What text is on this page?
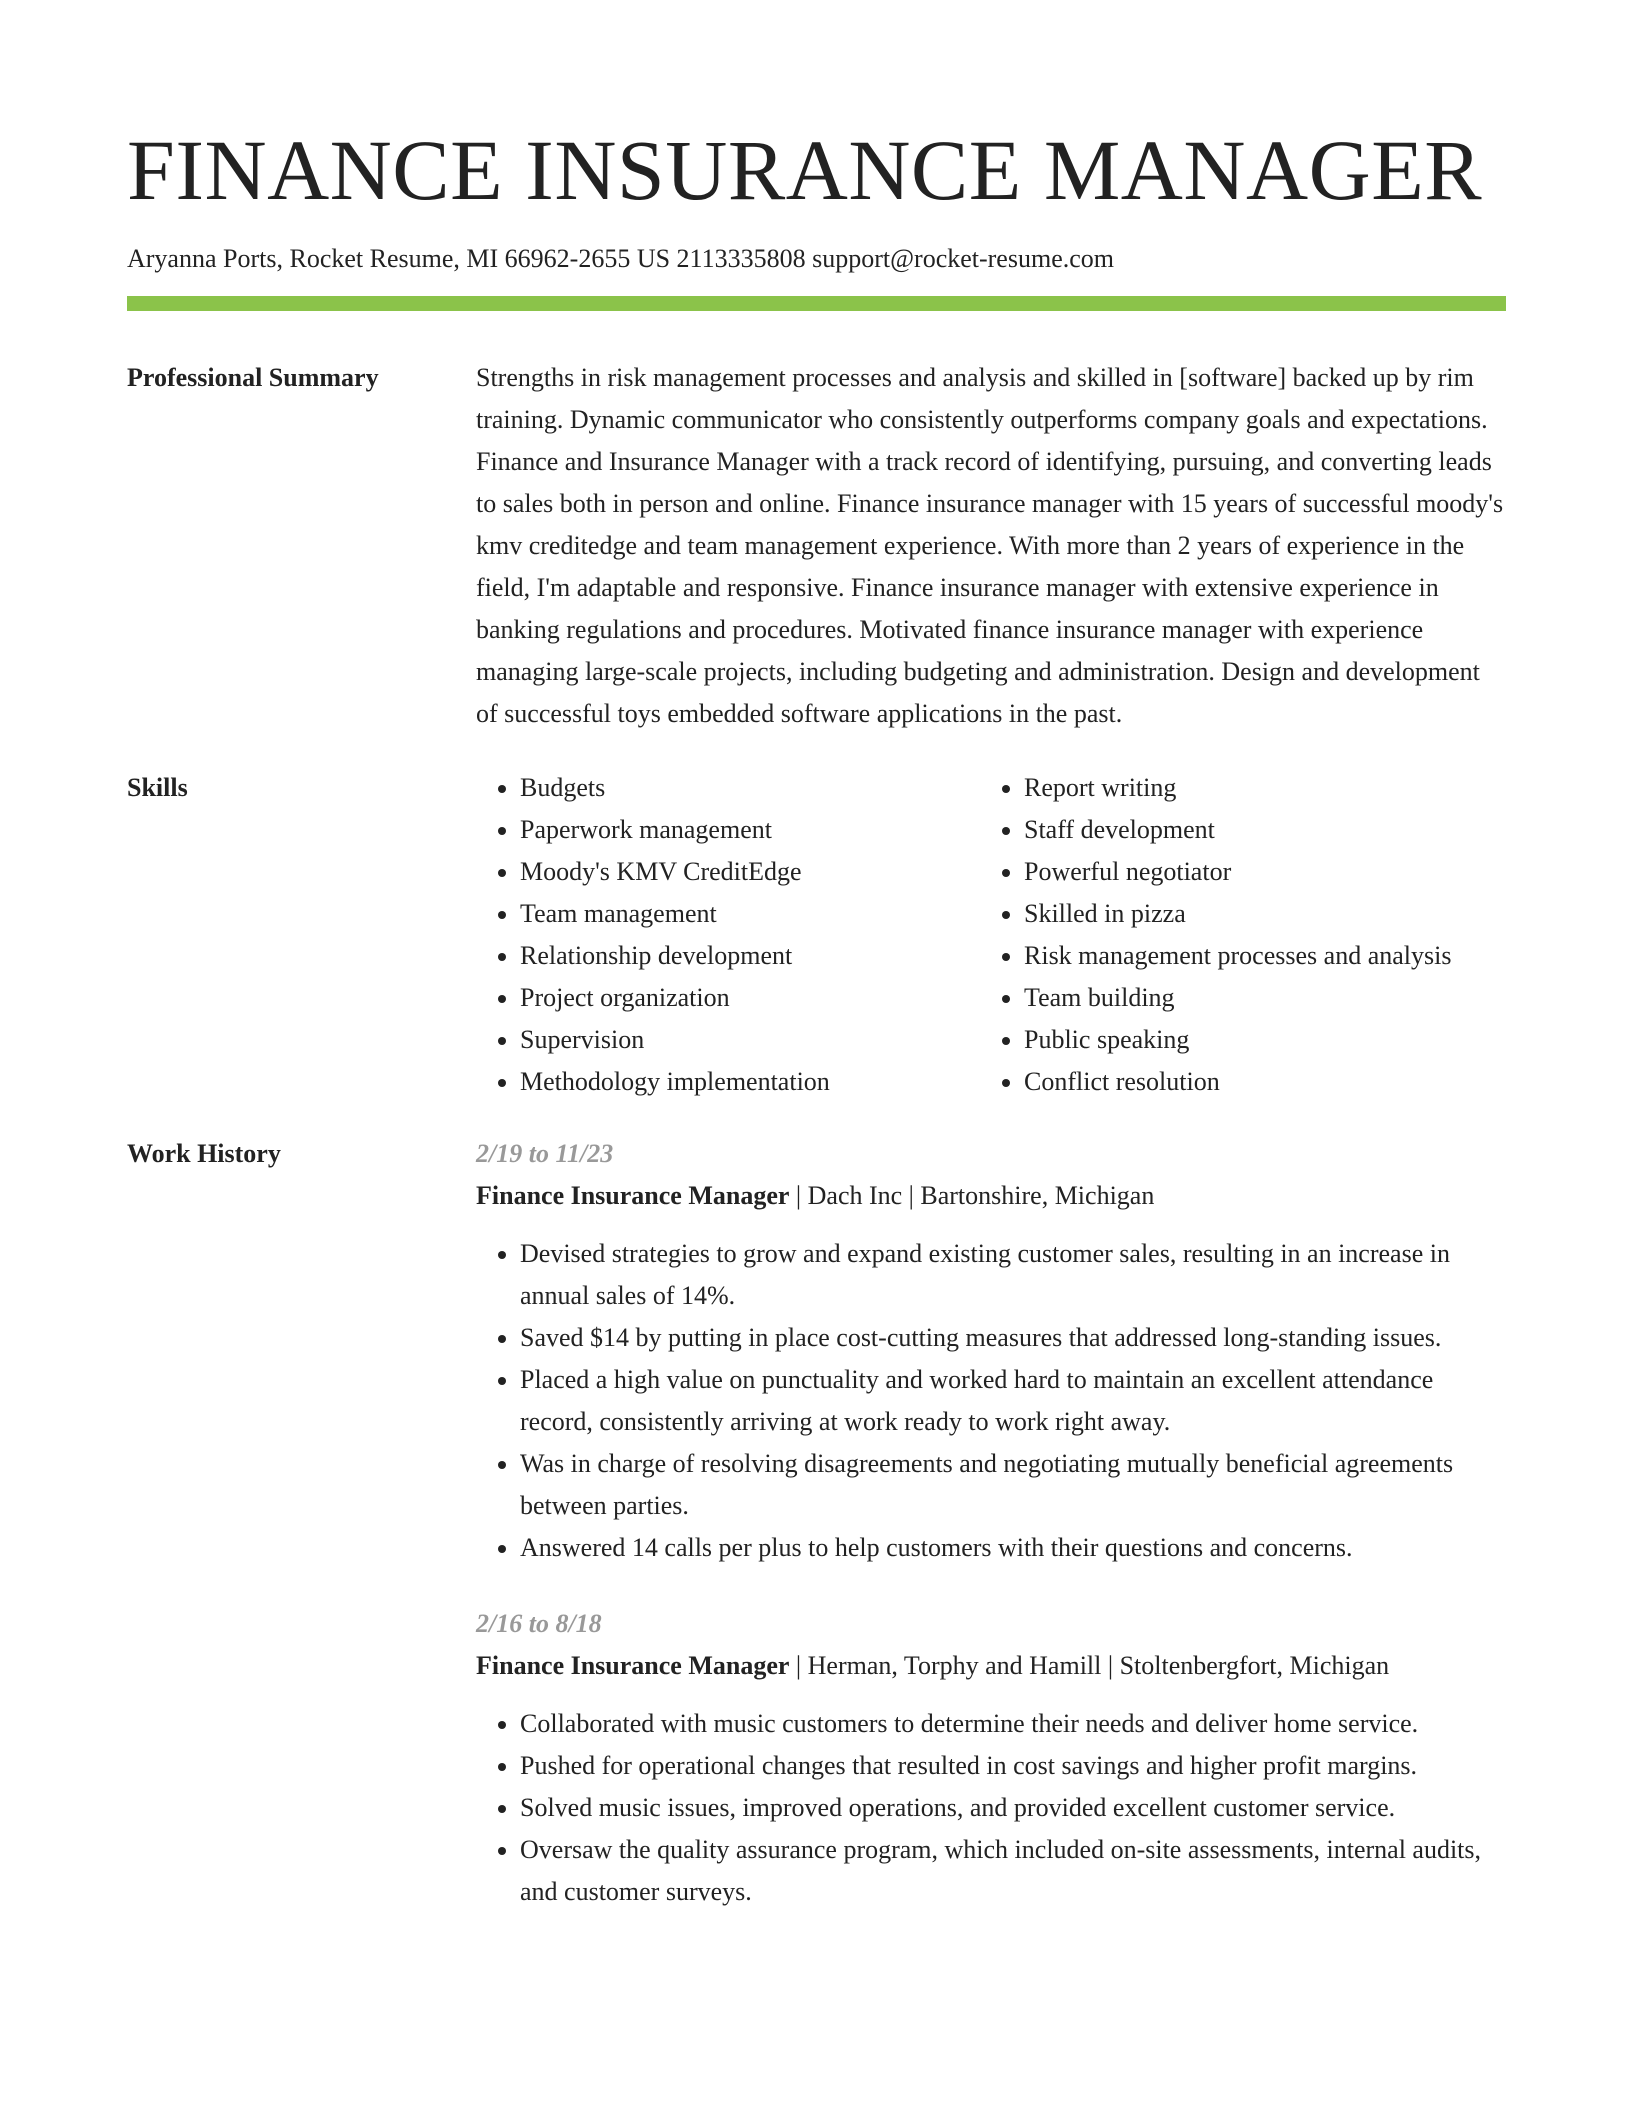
FINANCE INSURANCE MANAGER
Aryanna Ports, Rocket Resume, MI 66962-2655 US 2113335808 support@rocket-resume.com
Professional Summary	Strengths in risk management processes and analysis and skilled in [software] backed up by rim training. Dynamic communicator who consistently outperforms company goals and expectations. Finance and Insurance Manager with a track record of identifying, pursuing, and converting leads to sales both in person and online. Finance insurance manager with 15 years of successful moody's kmv creditedge and team management experience. With more than 2 years of experience in the field, I'm adaptable and responsive. Finance insurance manager with extensive experience in banking regulations and procedures. Motivated finance insurance manager with experience managing large-scale projects, including budgeting and administration. Design and development of successful toys embedded software applications in the past.
Skills
•	Budgets
• Paperwork management
• Moody's KMV CreditEdge
• Team management
• Relationship development
• Project organization
• Supervision
• Methodology implementation
• Report writing
• Staff development
• Powerful negotiator
• Skilled in pizza
• Risk management processes and analysis
• Team building
• Public speaking
• Conflict resolution
Work History	2/19 to 11/23
Finance Insurance Manager | Dach Inc | Bartonshire, Michigan
• Devised strategies to grow and expand existing customer sales, resulting in an increase in annual sales of 14%.
• Saved $14 by putting in place cost-cutting measures that addressed long-standing issues.
• Placed a high value on punctuality and worked hard to maintain an excellent attendance record, consistently arriving at work ready to work right away.
• Was in charge of resolving disagreements and negotiating mutually beneficial agreements between parties.
• Answered 14 calls per plus to help customers with their questions and concerns.
2/16 to 8/18
Finance Insurance Manager | Herman, Torphy and Hamill | Stoltenbergfort, Michigan
• Collaborated with music customers to determine their needs and deliver home service.
• Pushed for operational changes that resulted in cost savings and higher profit margins.
• Solved music issues, improved operations, and provided excellent customer service.
• Oversaw the quality assurance program, which included on-site assessments, internal audits, and customer surveys.
